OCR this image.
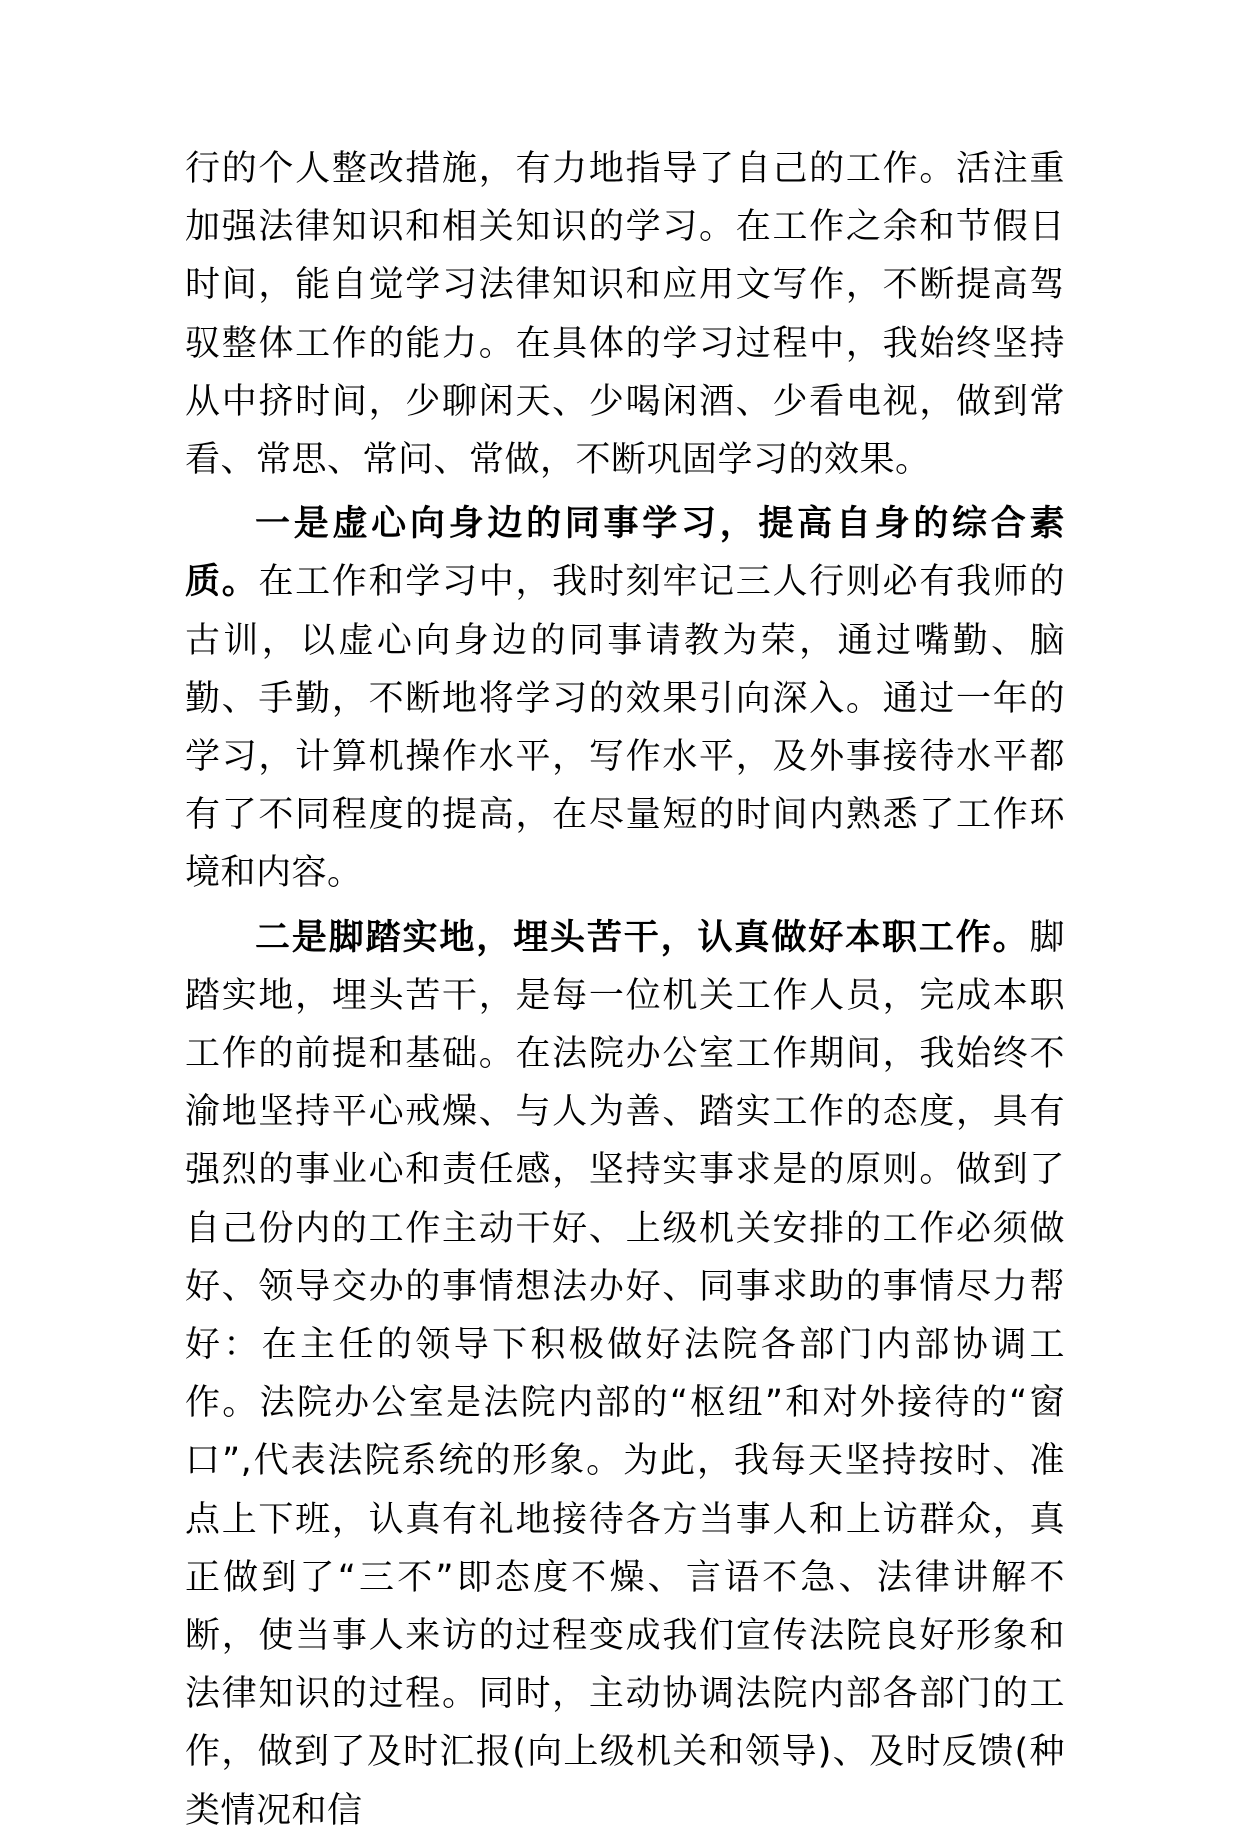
行的个人整改措施，有力地指导了自己的工作。活注重加强法律知识和相关知识的学习。在工作之余和节假日时间，能自觉学习法律知识和应用文写作，不断提高驾驭整体工作的能力。在具体的学习过程中，我始终坚持从中挤时间，少聊闲天、少喝闲酒、少看电视，做到常看、常思、常问、常做，不断巩固学习的效果。

一是虚心向身边的同事学习，提高自身的综合素质。在工作和学习中，我时刻牢记三人行则必有我师的古训，以虚心向身边的同事请教为荣，通过嘴勤、脑勤、手勤，不断地将学习的效果引向深入。通过一年的学习，计算机操作水平，写作水平，及外事接待水平都有了不同程度的提高，在尽量短的时间内熟悉了工作环境和内容。

二是脚踏实地，埋头苦干，认真做好本职工作。脚踏实地，埋头苦干，是每一位机关工作人员，完成本职工作的前提和基础。在法院办公室工作期间，我始终不渝地坚持平心戒燥、与人为善、踏实工作的态度，具有强烈的事业心和责任感，坚持实事求是的原则。做到了自己份内的工作主动干好、上级机关安排的工作必须做好、领导交办的事情想法办好、同事求助的事情尽力帮好：在主任的领导下积极做好法院各部门内部协调工作。法院办公室是法院内部的“枢纽”和对外接待的“窗口”,代表法院系统的形象。为此，我每天坚持按时、准点上下班，认真有礼地接待各方当事人和上访群众，真正做到了“三不”即态度不燥、言语不急、法律讲解不断，使当事人来访的过程变成我们宣传法院良好形象和法律知识的过程。同时，主动协调法院内部各部门的工作，做到了及时汇报(向上级机关和领导)、及时反馈(种类情况和信
